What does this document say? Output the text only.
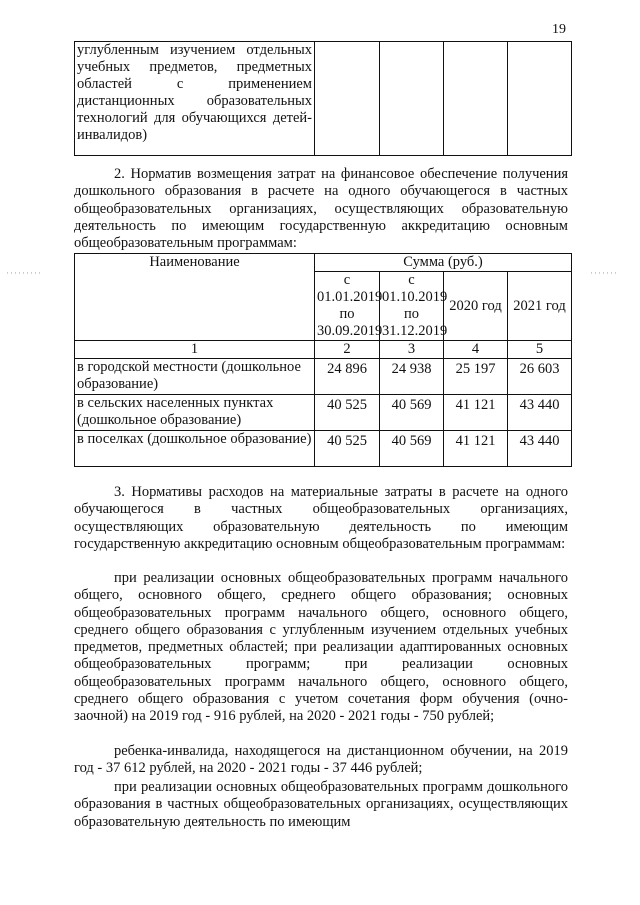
19
углубленным изучением отдельных учебных предметов, предметных областей с применением дистанционных образовательных технологий для обучающихся детей-инвалидов)				

2. Норматив возмещения затрат на финансовое обеспечение получения дошкольного образования в расчете на одного обучающегося в частных общеобразовательных организациях, осуществляющих образовательную деятельность по имеющим государственную аккредитацию основным общеобразовательным программам:

·········	·······
Наименование	Сумма (руб.)			
	с 01.01.2019 по 30.09.2019	с 01.10.2019 по 31.12.2019	2020 год	2021 год
1	2	3	4	5
в городской местности (дошкольное образование)	24 896	24 938	25 197	26 603
в сельских населенных пунктах (дошкольное образование)	40 525	40 569	41 121	43 440
в поселках (дошкольное образование)	40 525	40 569	41 121	43 440

3. Нормативы расходов на материальные затраты в расчете на одного обучающегося в частных общеобразовательных организациях, осуществляющих образовательную деятельность по имеющим государственную аккредитацию основным общеобразовательным программам:

при реализации основных общеобразовательных программ начального общего, основного общего, среднего общего образования; основных общеобразовательных программ начального общего, основного общего, среднего общего образования с углубленным изучением отдельных учебных предметов, предметных областей; при реализации адаптированных основных общеобразовательных программ; при реализации основных общеобразовательных программ начального общего, основного общего, среднего общего образования с учетом сочетания форм обучения (очно-заочной) на 2019 год - 916 рублей, на 2020 - 2021 годы - 750 рублей;

ребенка-инвалида, находящегося на дистанционном обучении, на 2019 год - 37 612 рублей, на 2020 - 2021 годы - 37 446 рублей;

при реализации основных общеобразовательных программ дошкольного образования в частных общеобразовательных организациях, осуществляющих образовательную деятельность по имеющим
